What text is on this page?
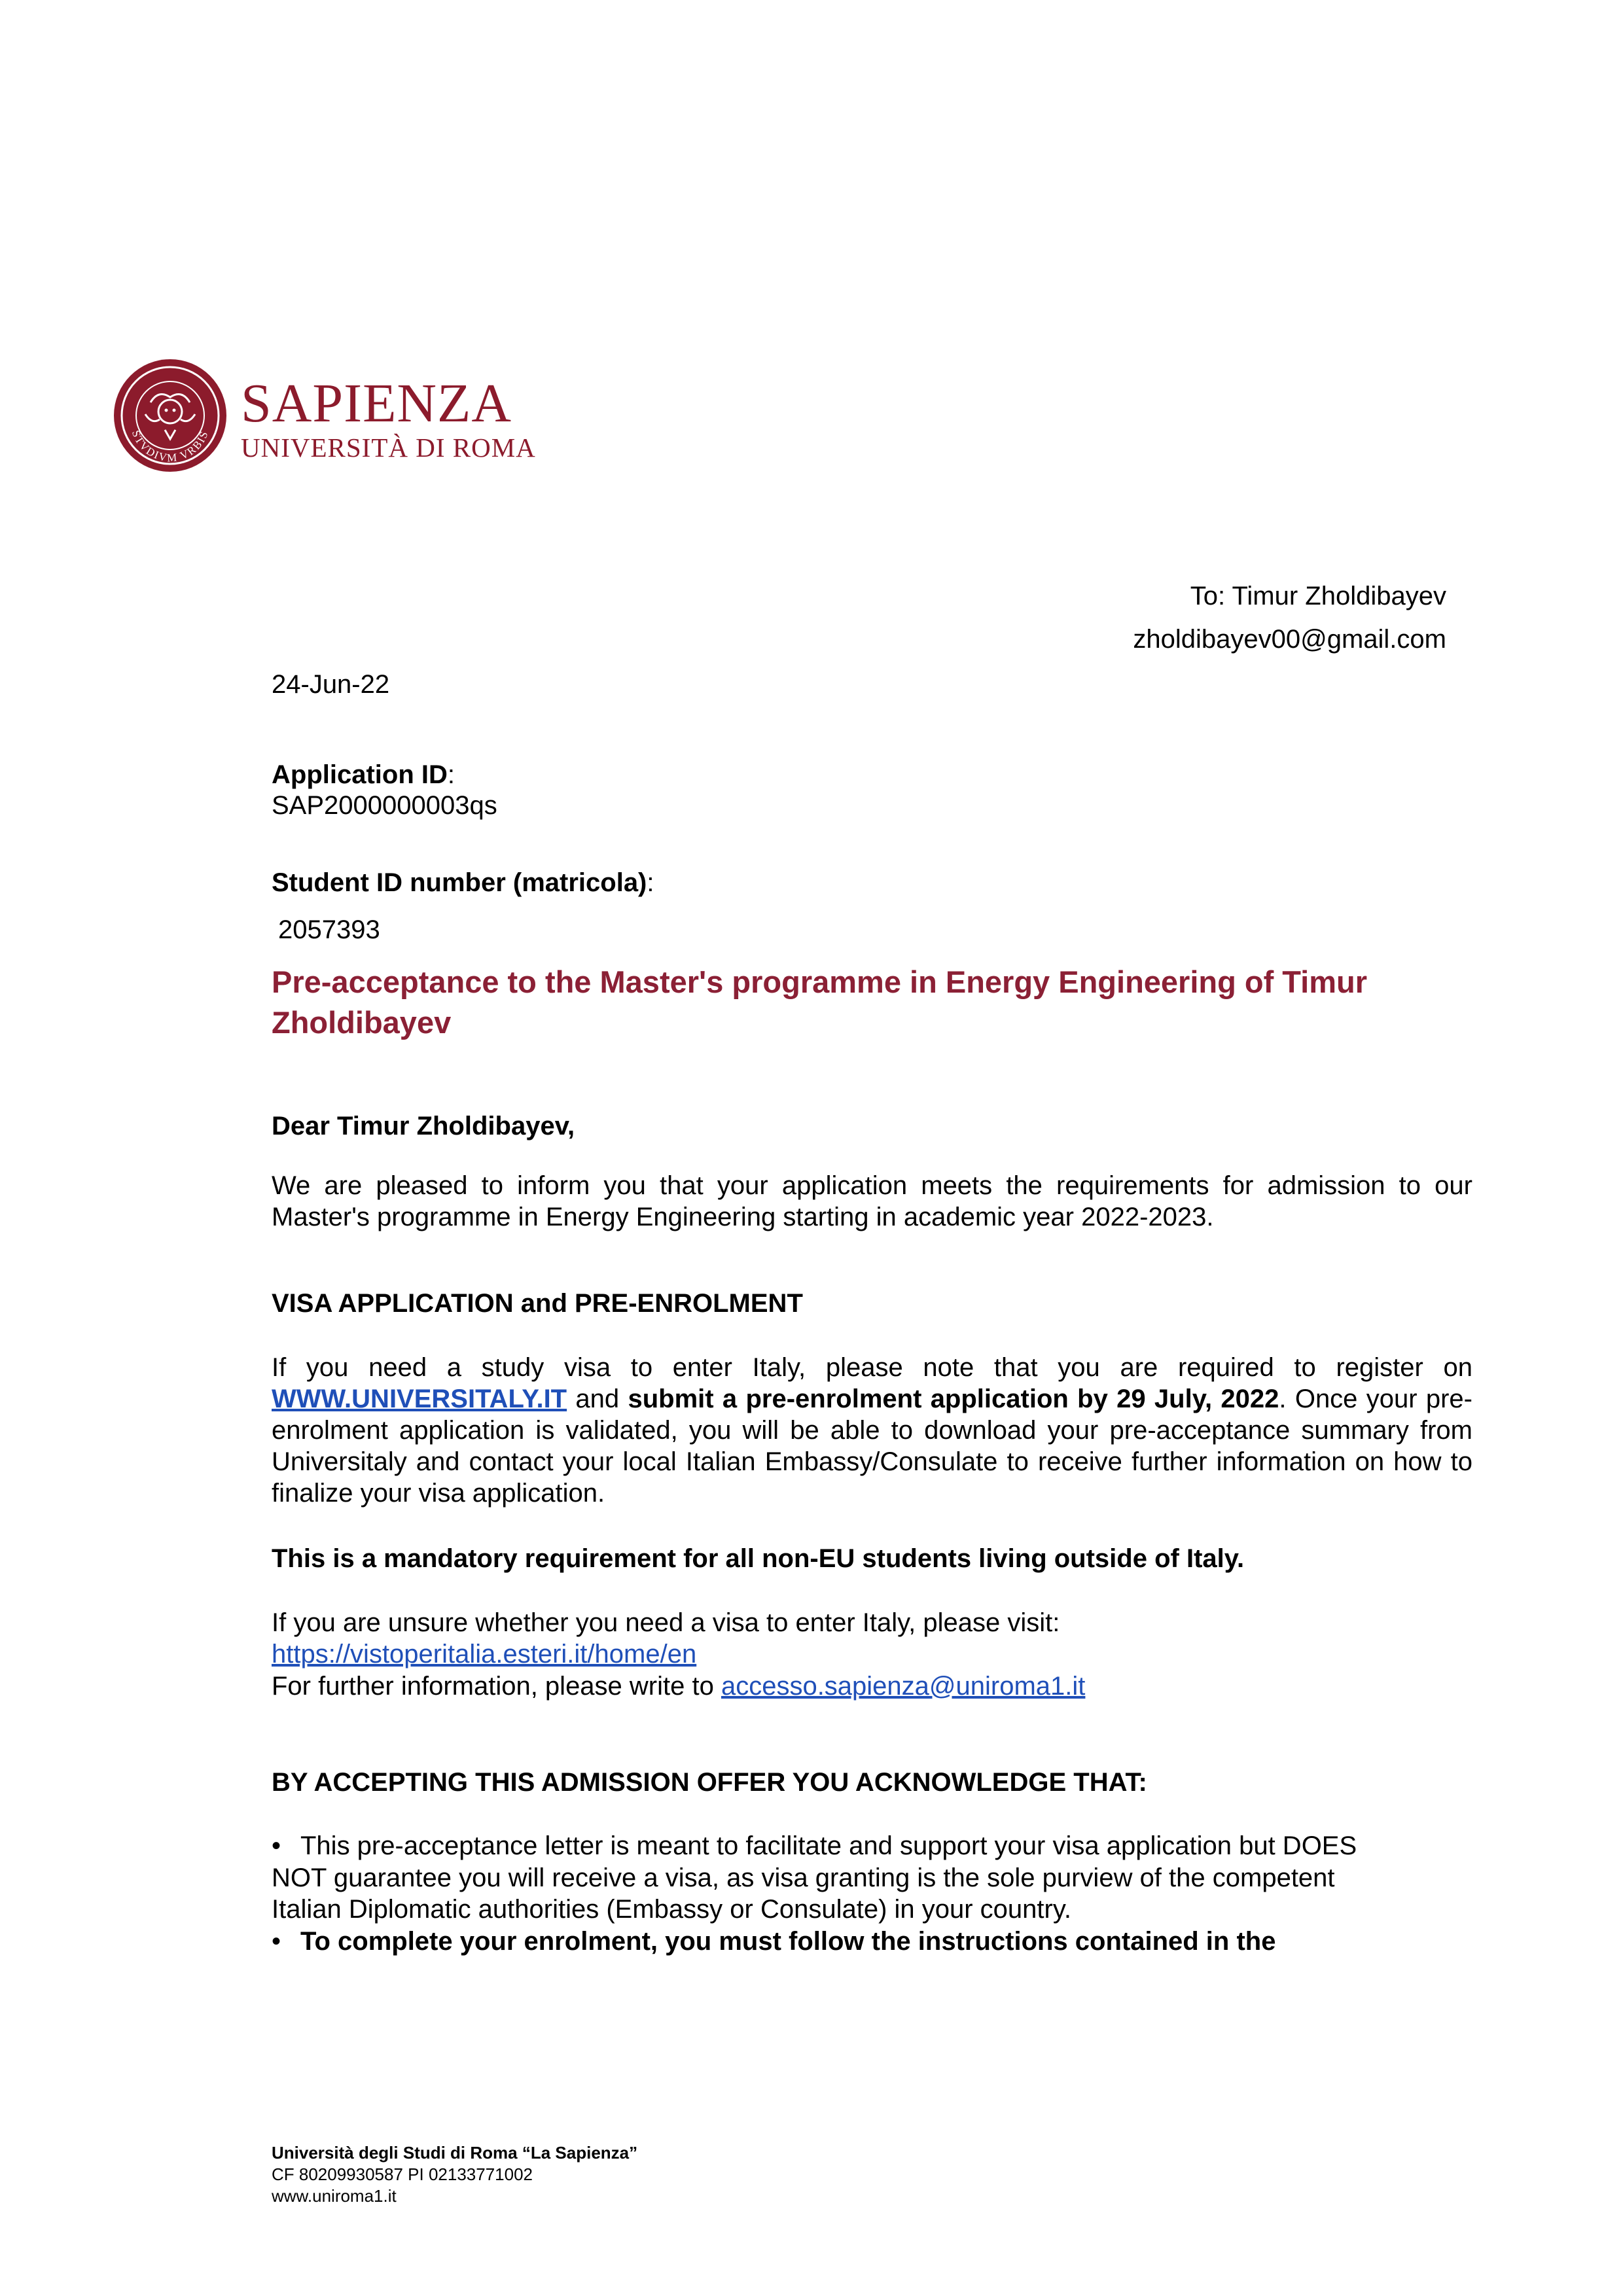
STVDIVM VRBIS
SAPIENZA
UNIVERSITÀ DI ROMA
To: Timur Zholdibayev
zholdibayev00@gmail.com
24-Jun-22
Application ID:
SAP2000000003qs
Student ID number (matricola):
2057393
Pre-acceptance to the Master's programme in Energy Engineering of Timur Zholdibayev
Dear Timur Zholdibayev,
We are pleased to inform you that your application meets the requirements for admission to our Master's programme in Energy Engineering starting in academic year 2022-2023.
VISA APPLICATION and PRE-ENROLMENT
If you need a study visa to enter Italy, please note that you are required to register on WWW.UNIVERSITALY.IT and submit a pre-enrolment application by 29 July, 2022. Once your pre-enrolment application is validated, you will be able to download your pre-acceptance summary from Universitaly and contact your local Italian Embassy/Consulate to receive further information on how to finalize your visa application.
This is a mandatory requirement for all non-EU students living outside of Italy.
If you are unsure whether you need a visa to enter Italy, please visit:
https://vistoperitalia.esteri.it/home/en
For further information, please write to accesso.sapienza@uniroma1.it
BY ACCEPTING THIS ADMISSION OFFER YOU ACKNOWLEDGE THAT:
• This pre-acceptance letter is meant to facilitate and support your visa application but DOES NOT guarantee you will receive a visa, as visa granting is the sole purview of the competent Italian Diplomatic authorities (Embassy or Consulate) in your country.
• To complete your enrolment, you must follow the instructions contained in the
Università degli Studi di Roma “La Sapienza”
CF 80209930587 PI 02133771002
www.uniroma1.it
